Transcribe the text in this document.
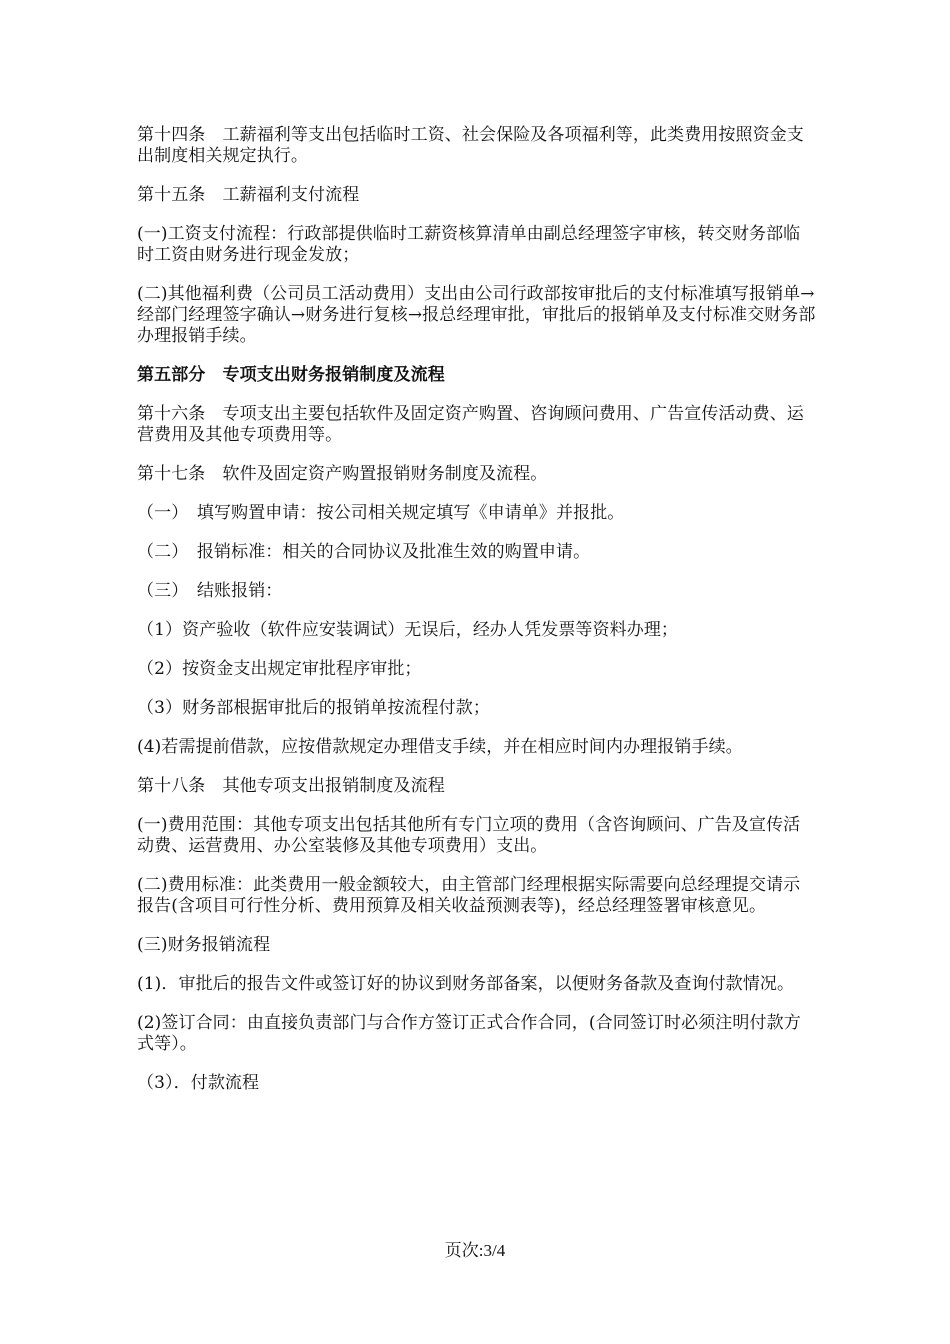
第十四条　工薪福利等支出包括临时工资、社会保险及各项福利等，此类费用按照资金支出制度相关规定执行。

第十五条　工薪福利支付流程

(一)工资支付流程：行政部提供临时工薪资核算清单由副总经理签字审核，转交财务部临时工资由财务进行现金发放；

(二)其他福利费（公司员工活动费用）支出由公司行政部按审批后的支付标准填写报销单→经部门经理签字确认→财务进行复核→报总经理审批，审批后的报销单及支付标准交财务部办理报销手续。

第五部分　专项支出财务报销制度及流程

第十六条　专项支出主要包括软件及固定资产购置、咨询顾问费用、广告宣传活动费、运营费用及其他专项费用等。

第十七条　软件及固定资产购置报销财务制度及流程。

（一）　填写购置申请：按公司相关规定填写《申请单》并报批。

（二）　报销标准：相关的合同协议及批准生效的购置申请。

（三）　结账报销：

（1）资产验收（软件应安装调试）无误后，经办人凭发票等资料办理；

（2）按资金支出规定审批程序审批；

（3）财务部根据审批后的报销单按流程付款；

(4)若需提前借款，应按借款规定办理借支手续，并在相应时间内办理报销手续。

第十八条　其他专项支出报销制度及流程

(一)费用范围：其他专项支出包括其他所有专门立项的费用（含咨询顾问、广告及宣传活动费、运营费用、办公室装修及其他专项费用）支出。

(二)费用标准：此类费用一般金额较大，由主管部门经理根据实际需要向总经理提交请示报告(含项目可行性分析、费用预算及相关收益预测表等)，经总经理签署审核意见。

(三)财务报销流程

(1)．审批后的报告文件或签订好的协议到财务部备案，以便财务备款及查询付款情况。

(2)签订合同：由直接负责部门与合作方签订正式合作合同，(合同签订时必须注明付款方式等）。

（3）．付款流程

页次:3/4
